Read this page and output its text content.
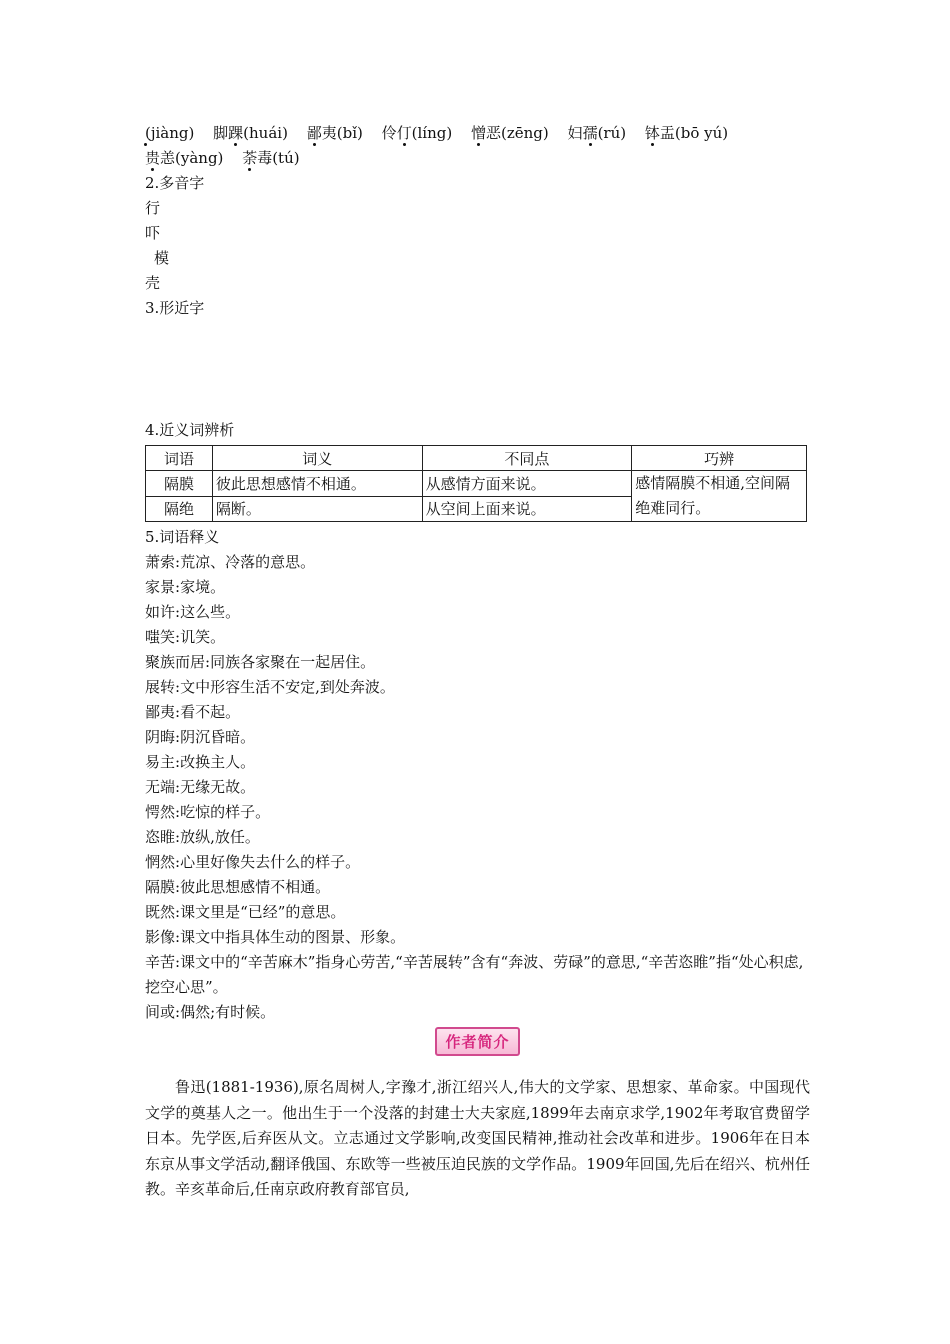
(jiàng) 脚踝(huái) 鄙夷(bǐ) 伶仃(líng) 憎恶(zēng) 妇孺(rú) 钵盂(bō yú)
贵恙(yàng) 荼毒(tú)
2.多音字
行
吓
模
壳
3.形近字
4.近义词辨析
词语	词义	不同点	巧辨
隔膜	彼此思想感情不相通。	从感情方面来说。	感情隔膜不相通,空间隔绝难同行。
隔绝	隔断。	从空间上面来说。	
5.词语释义
萧索:荒凉、冷落的意思。
家景:家境。
如许:这么些。
嗤笑:讥笑。
聚族而居:同族各家聚在一起居住。
展转:文中形容生活不安定,到处奔波。
鄙夷:看不起。
阴晦:阴沉昏暗。
易主:改换主人。
无端:无缘无故。
愕然:吃惊的样子。
恣睢:放纵,放任。
惘然:心里好像失去什么的样子。
隔膜:彼此思想感情不相通。
既然:课文里是“已经”的意思。
影像:课文中指具体生动的图景、形象。
辛苦:课文中的“辛苦麻木”指身心劳苦,“辛苦展转”含有“奔波、劳碌”的意思,“辛苦恣睢”指“处心积虑,挖空心思”。
间或:偶然;有时候。
作者简介
鲁迅(1881-1936),原名周树人,字豫才,浙江绍兴人,伟大的文学家、思想家、革命家。中国现代文学的奠基人之一。他出生于一个没落的封建士大夫家庭,1899年去南京求学,1902年考取官费留学日本。先学医,后弃医从文。立志通过文学影响,改变国民精神,推动社会改革和进步。1906年在日本东京从事文学活动,翻译俄国、东欧等一些被压迫民族的文学作品。1909年回国,先后在绍兴、杭州任教。辛亥革命后,任南京政府教育部官员,
